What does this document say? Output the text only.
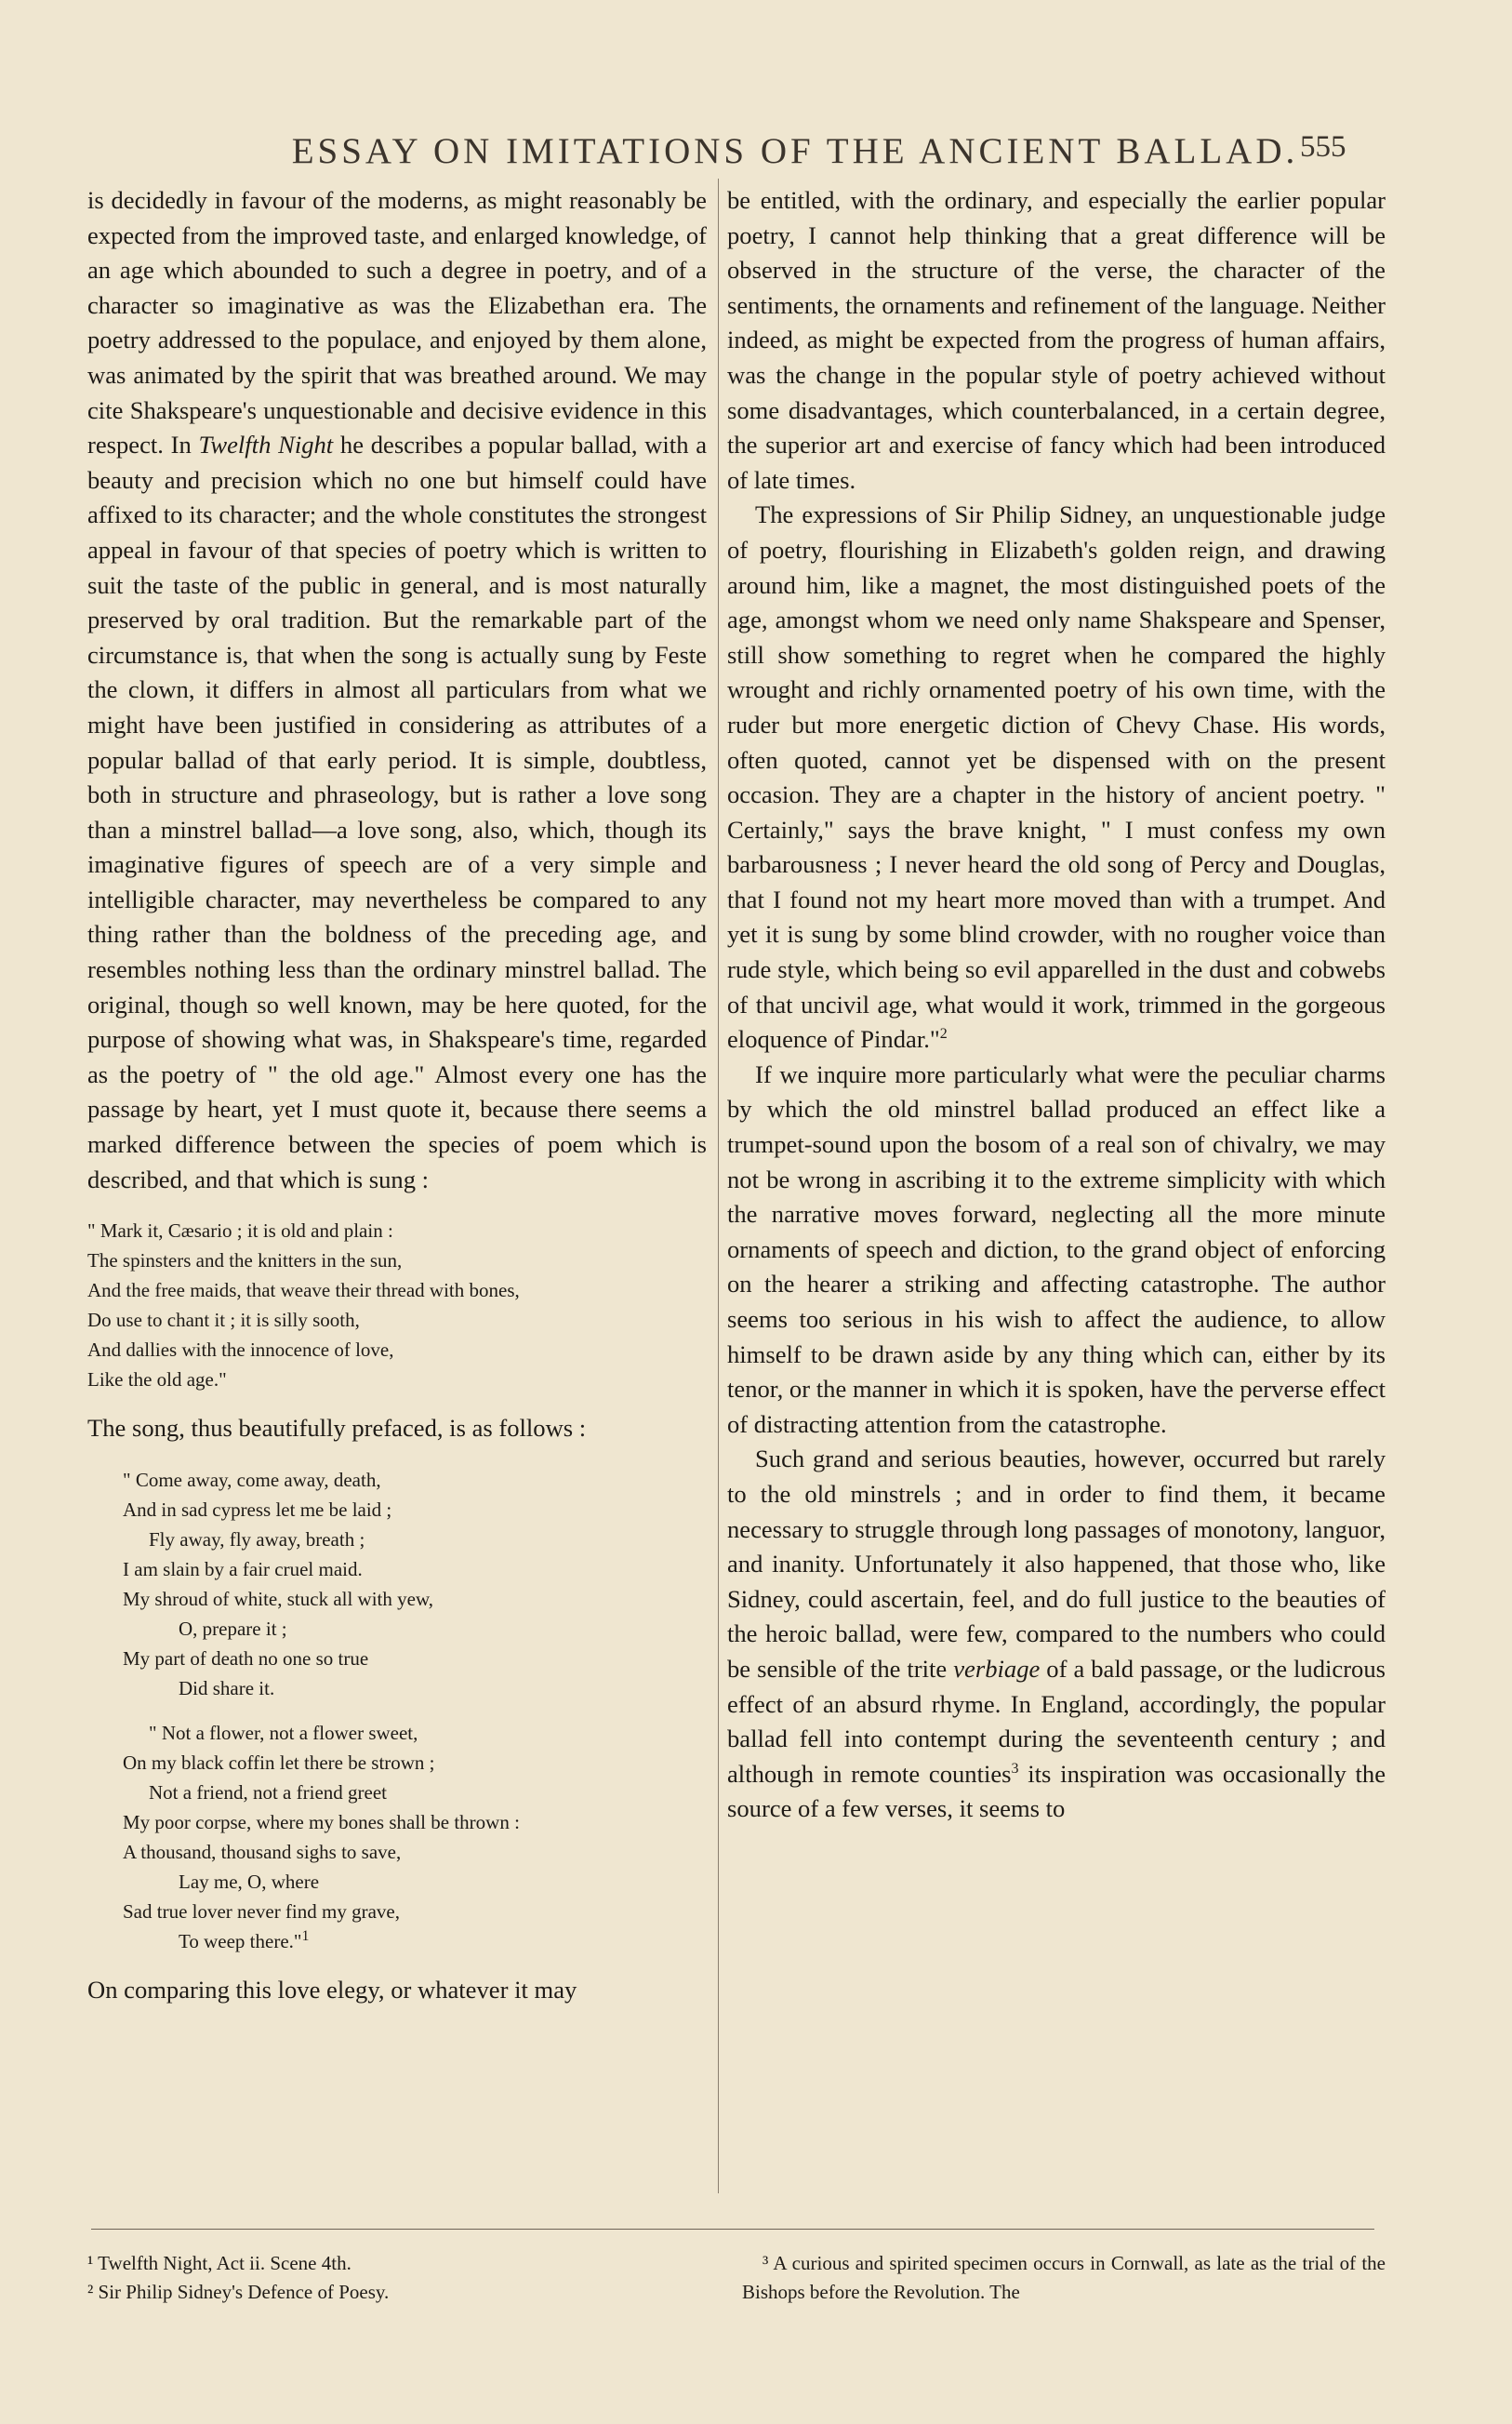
ESSAY ON IMITATIONS OF THE ANCIENT BALLAD. 555

is decidedly in favour of the moderns, as might reasonably be expected from the improved taste, and enlarged knowledge, of an age which abounded to such a degree in poetry, and of a character so imaginative as was the Elizabethan era. The poetry addressed to the populace, and enjoyed by them alone, was animated by the spirit that was breathed around. We may cite Shakspeare's unquestionable and decisive evidence in this respect. In Twelfth Night he describes a popular ballad, with a beauty and precision which no one but himself could have affixed to its character; and the whole constitutes the strongest appeal in favour of that species of poetry which is written to suit the taste of the public in general, and is most naturally preserved by oral tradition. But the remarkable part of the circumstance is, that when the song is actually sung by Feste the clown, it differs in almost all particulars from what we might have been justified in considering as attributes of a popular ballad of that early period. It is simple, doubtless, both in structure and phraseology, but is rather a love song than a minstrel ballad—a love song, also, which, though its imaginative figures of speech are of a very simple and intelligible character, may nevertheless be compared to any thing rather than the boldness of the preceding age, and resembles nothing less than the ordinary minstrel ballad. The original, though so well known, may be here quoted, for the purpose of showing what was, in Shakspeare's time, regarded as the poetry of " the old age." Almost every one has the passage by heart, yet I must quote it, because there seems a marked difference between the species of poem which is described, and that which is sung :

" Mark it, Cæsario ; it is old and plain :
The spinsters and the knitters in the sun,
And the free maids, that weave their thread with bones,
Do use to chant it ; it is silly sooth,
And dallies with the innocence of love,
Like the old age."

The song, thus beautifully prefaced, is as follows :

" Come away, come away, death,
And in sad cypress let me be laid ;
Fly away, fly away, breath ;
I am slain by a fair cruel maid.
My shroud of white, stuck all with yew,
O, prepare it ;
My part of death no one so true
Did share it.
" Not a flower, not a flower sweet,
On my black coffin let there be strown ;
Not a friend, not a friend greet
My poor corpse, where my bones shall be thrown :
A thousand, thousand sighs to save,
Lay me, O, where
Sad true lover never find my grave,
To weep there."$^1$

On comparing this love elegy, or whatever it may

be entitled, with the ordinary, and especially the earlier popular poetry, I cannot help thinking that a great difference will be observed in the structure of the verse, the character of the sentiments, the ornaments and refinement of the language. Neither indeed, as might be expected from the progress of human affairs, was the change in the popular style of poetry achieved without some disadvantages, which counterbalanced, in a certain degree, the superior art and exercise of fancy which had been introduced of late times.

The expressions of Sir Philip Sidney, an unquestionable judge of poetry, flourishing in Elizabeth's golden reign, and drawing around him, like a magnet, the most distinguished poets of the age, amongst whom we need only name Shakspeare and Spenser, still show something to regret when he compared the highly wrought and richly ornamented poetry of his own time, with the ruder but more energetic diction of Chevy Chase. His words, often quoted, cannot yet be dispensed with on the present occasion. They are a chapter in the history of ancient poetry. " Certainly," says the brave knight, " I must confess my own barbarousness ; I never heard the old song of Percy and Douglas, that I found not my heart more moved than with a trumpet. And yet it is sung by some blind crowder, with no rougher voice than rude style, which being so evil apparelled in the dust and cobwebs of that uncivil age, what would it work, trimmed in the gorgeous eloquence of Pindar."$^2$

If we inquire more particularly what were the peculiar charms by which the old minstrel ballad produced an effect like a trumpet-sound upon the bosom of a real son of chivalry, we may not be wrong in ascribing it to the extreme simplicity with which the narrative moves forward, neglecting all the more minute ornaments of speech and diction, to the grand object of enforcing on the hearer a striking and affecting catastrophe. The author seems too serious in his wish to affect the audience, to allow himself to be drawn aside by any thing which can, either by its tenor, or the manner in which it is spoken, have the perverse effect of distracting attention from the catastrophe.

Such grand and serious beauties, however, occurred but rarely to the old minstrels ; and in order to find them, it became necessary to struggle through long passages of monotony, languor, and inanity. Unfortunately it also happened, that those who, like Sidney, could ascertain, feel, and do full justice to the beauties of the heroic ballad, were few, compared to the numbers who could be sensible of the trite verbiage of a bald passage, or the ludicrous effect of an absurd rhyme. In England, accordingly, the popular ballad fell into contempt during the seventeenth century ; and although in remote counties$^3$ its inspiration was occasionally the source of a few verses, it seems to

¹ Twelfth Night, Act ii. Scene 4th.

² Sir Philip Sidney's Defence of Poesy.

³ A curious and spirited specimen occurs in Cornwall, as late as the trial of the Bishops before the Revolution. The
